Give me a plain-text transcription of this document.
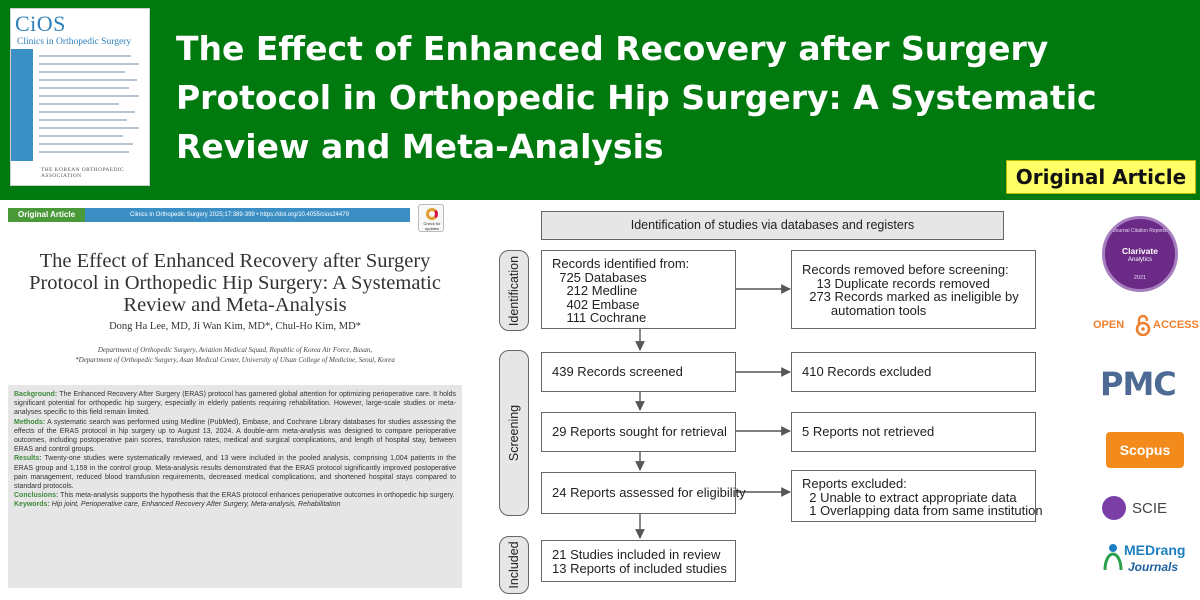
CiOS
Clinics in Orthopedic Surgery
THE KOREAN ORTHOPAEDIC ASSOCIATION
The Effect of Enhanced Recovery after Surgery Protocol in Orthopedic Hip Surgery: A Systematic Review and Meta-Analysis
Original Article
Original Article	Clinics in Orthopedic Surgery 2025;17:389-399 • https://doi.org/10.4055/cios24479
Check for updates
The Effect of Enhanced Recovery after Surgery Protocol in Orthopedic Hip Surgery: A Systematic Review and Meta-Analysis
Dong Ha Lee, MD, Ji Wan Kim, MD*, Chul-Ho Kim, MD*
Department of Orthopedic Surgery, Aviation Medical Squad, Republic of Korea Air Force, Busan,
*Department of Orthopedic Surgery, Asan Medical Center, University of Ulsan College of Medicine, Seoul, Korea

Background: The Enhanced Recovery After Surgery (ERAS) protocol has garnered global attention for optimizing perioperative care. It holds significant potential for orthopedic hip surgery, especially in elderly patients requiring rehabilitation. However, large-scale studies or meta-analyses specific to this field remain limited.

Methods: A systematic search was performed using Medline (PubMed), Embase, and Cochrane Library databases for studies assessing the effects of the ERAS protocol in hip surgery up to August 13, 2024. A double-arm meta-analysis was designed to compare perioperative outcomes, including postoperative pain scores, transfusion rates, medical and surgical complications, and length of hospital stay, between ERAS and control groups.

Results: Twenty-one studies were systematically reviewed, and 13 were included in the pooled analysis, comprising 1,004 patients in the ERAS group and 1,159 in the control group. Meta-analysis results demonstrated that the ERAS protocol significantly improved postoperative pain management, reduced blood transfusion requirements, decreased medical complications, and shortened hospital stays compared to standard protocols.

Conclusions: This meta-analysis supports the hypothesis that the ERAS protocol enhances perioperative outcomes in orthopedic hip surgery.

Keywords: Hip joint, Perioperative care, Enhanced Recovery After Surgery, Meta-analysis, Rehabilitation

Identification of studies via databases and registers
Identification
Screening
Included
Records identified from:
725 Databases
212 Medline
402 Embase
111 Cochrane
Records removed before screening:
13 Duplicate records removed
273 Records marked as ineligible by
automation tools
439 Records screened	410 Records excluded
29 Reports sought for retrieval	5 Reports not retrieved
24 Reports assessed for eligibility
Reports excluded:
2 Unable to extract appropriate data
1 Overlapping data from same institution
21 Studies included in review
13 Reports of included studies
Journal Citation Reports
Clarivate
Analytics
2021
OPEN	ACCESS
PMC
Scopus
SCIE
MEDrang
Journals
